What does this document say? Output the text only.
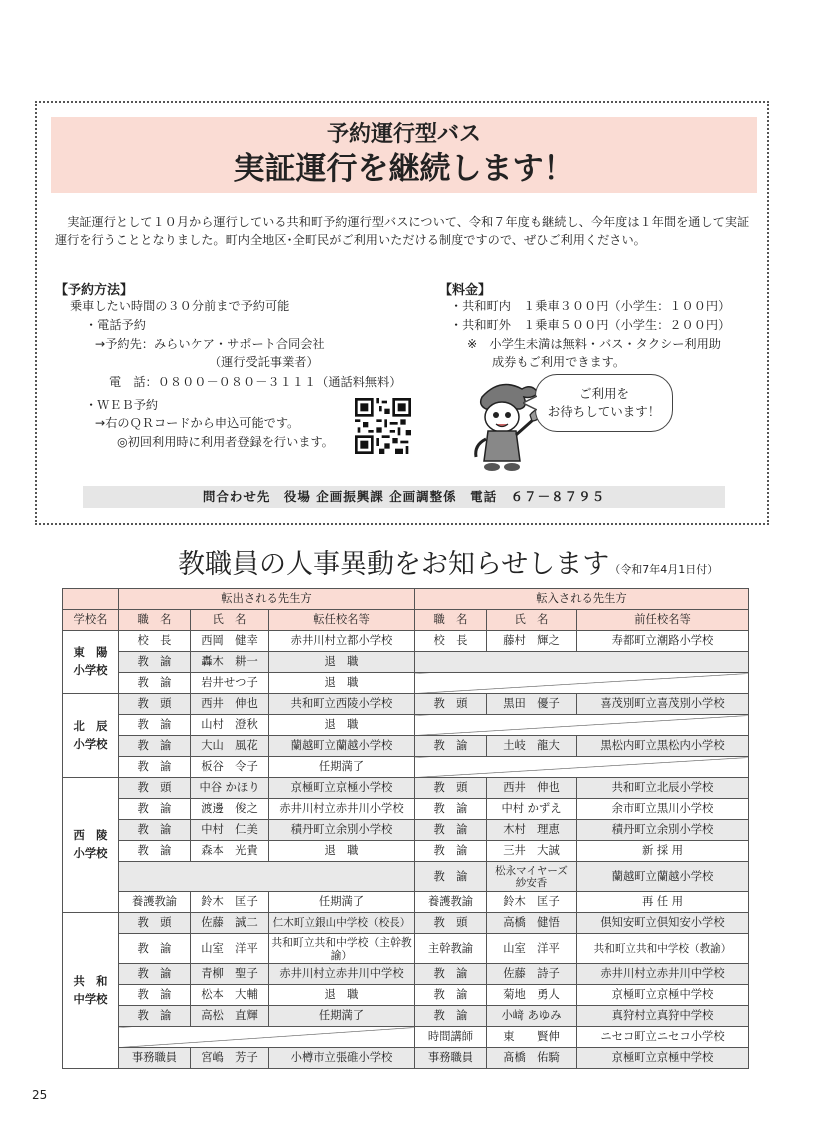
予約運行型バス
実証運行を継続します！
実証運行として１０月から運行している共和町予約運行型バスについて、令和７年度も継続し、今年度は１年間を通して実証運行を行うこととなりました。町内全地区･全町民がご利用いただける制度ですので、ぜひご利用ください。
【予約方法】
乗車したい時間の３０分前まで予約可能
・電話予約
→予約先：みらいケア・サポート合同会社
（運行受託事業者）
電　話：０８００－０８０－３１１１（通話料無料）
・ＷＥＢ予約
→右のＱＲコードから申込可能です。
◎初回利用時に利用者登録を行います。
【料金】
・共和町内　１乗車３００円（小学生：１００円）
・共和町外　１乗車５００円（小学生：２００円）
※　小学生未満は無料・バス・タクシー利用助
成券もご利用できます。
ご利用を
お待ちしています！
問合わせ先　役場 企画振興課 企画調整係　電話　６７－８７９５
教職員の人事異動をお知らせします（令和7年4月1日付）
	転出される先生方			転入される先生方		
学校名	職　名	氏　名	転任校名等	職　名	氏　名	前任校名等

東　陽
小学校	校　長	西岡　健幸	赤井川村立都小学校	校　長	藤村　輝之	寿都町立潮路小学校
	教　諭	轟木　耕一	退　職			
	教　諭	岩井せつ子	退　職			

北　辰
小学校	教　頭	西井　伸也	共和町立西陵小学校	教　頭	黒田　優子	喜茂別町立喜茂別小学校
	教　諭	山村　澄秋	退　職			
	教　諭	大山　風花	蘭越町立蘭越小学校	教　諭	土岐　龍大	黒松内町立黒松内小学校
	教　諭	板谷　令子	任期満了			

西　陵
小学校	教　頭	中谷 かほり	京極町立京極小学校	教　頭	西井　伸也	共和町立北辰小学校
	教　諭	渡邊　俊之	赤井川村立赤井川小学校	教　諭	中村 かずえ	余市町立黒川小学校
	教　諭	中村　仁美	積丹町立余別小学校	教　諭	木村　理恵	積丹町立余別小学校
	教　諭	森本　光貴	退　職	教　諭	三井　大誠	新 採 用
				教　諭	松永マイヤーズ 紗安香	蘭越町立蘭越小学校
	養護教諭	鈴木　匡子	任期満了	養護教諭	鈴木　匡子	再 任 用

共　和
中学校	教　頭	佐藤　誠二	仁木町立銀山中学校（校長）	教　頭	高橋　健悟	倶知安町立倶知安小学校
	教　諭	山室　洋平	共和町立共和中学校（主幹教諭）	主幹教諭	山室　洋平	共和町立共和中学校（教諭）
	教　諭	青柳　聖子	赤井川村立赤井川中学校	教　諭	佐藤　詩子	赤井川村立赤井川中学校
	教　諭	松本　大輔	退　職	教　諭	菊地　勇人	京極町立京極中学校
	教　諭	高松　直輝	任期満了	教　諭	小﨑 あゆみ	真狩村立真狩中学校
				時間講師	東　　賢伸	ニセコ町立ニセコ小学校
	事務職員	宮嶋　芳子	小樽市立張碓小学校	事務職員	髙橋　佑騎	京極町立京極中学校
25
